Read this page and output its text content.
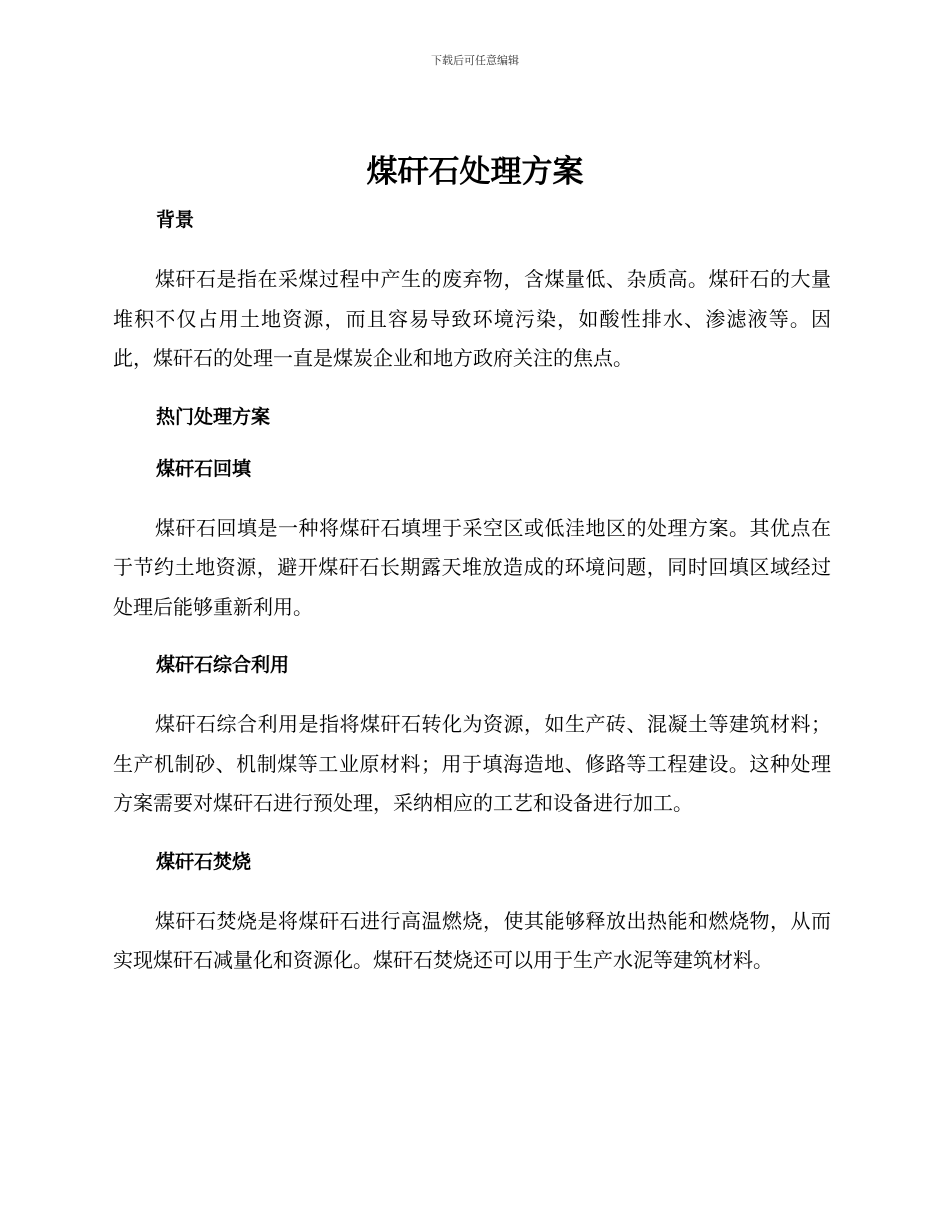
下载后可任意编辑
煤矸石处理方案
背景

煤矸石是指在采煤过程中产生的废弃物，含煤量低、杂质高。煤矸石的大量堆积不仅占用土地资源，而且容易导致环境污染，如酸性排水、渗滤液等。因此，煤矸石的处理一直是煤炭企业和地方政府关注的焦点。

热门处理方案
煤矸石回填

煤矸石回填是一种将煤矸石填埋于采空区或低洼地区的处理方案。其优点在于节约土地资源，避开煤矸石长期露天堆放造成的环境问题，同时回填区域经过处理后能够重新利用。

煤矸石综合利用

煤矸石综合利用是指将煤矸石转化为资源，如生产砖、混凝土等建筑材料；生产机制砂、机制煤等工业原材料；用于填海造地、修路等工程建设。这种处理方案需要对煤矸石进行预处理，采纳相应的工艺和设备进行加工。

煤矸石焚烧

煤矸石焚烧是将煤矸石进行高温燃烧，使其能够释放出热能和燃烧物，从而实现煤矸石减量化和资源化。煤矸石焚烧还可以用于生产水泥等建筑材料。
